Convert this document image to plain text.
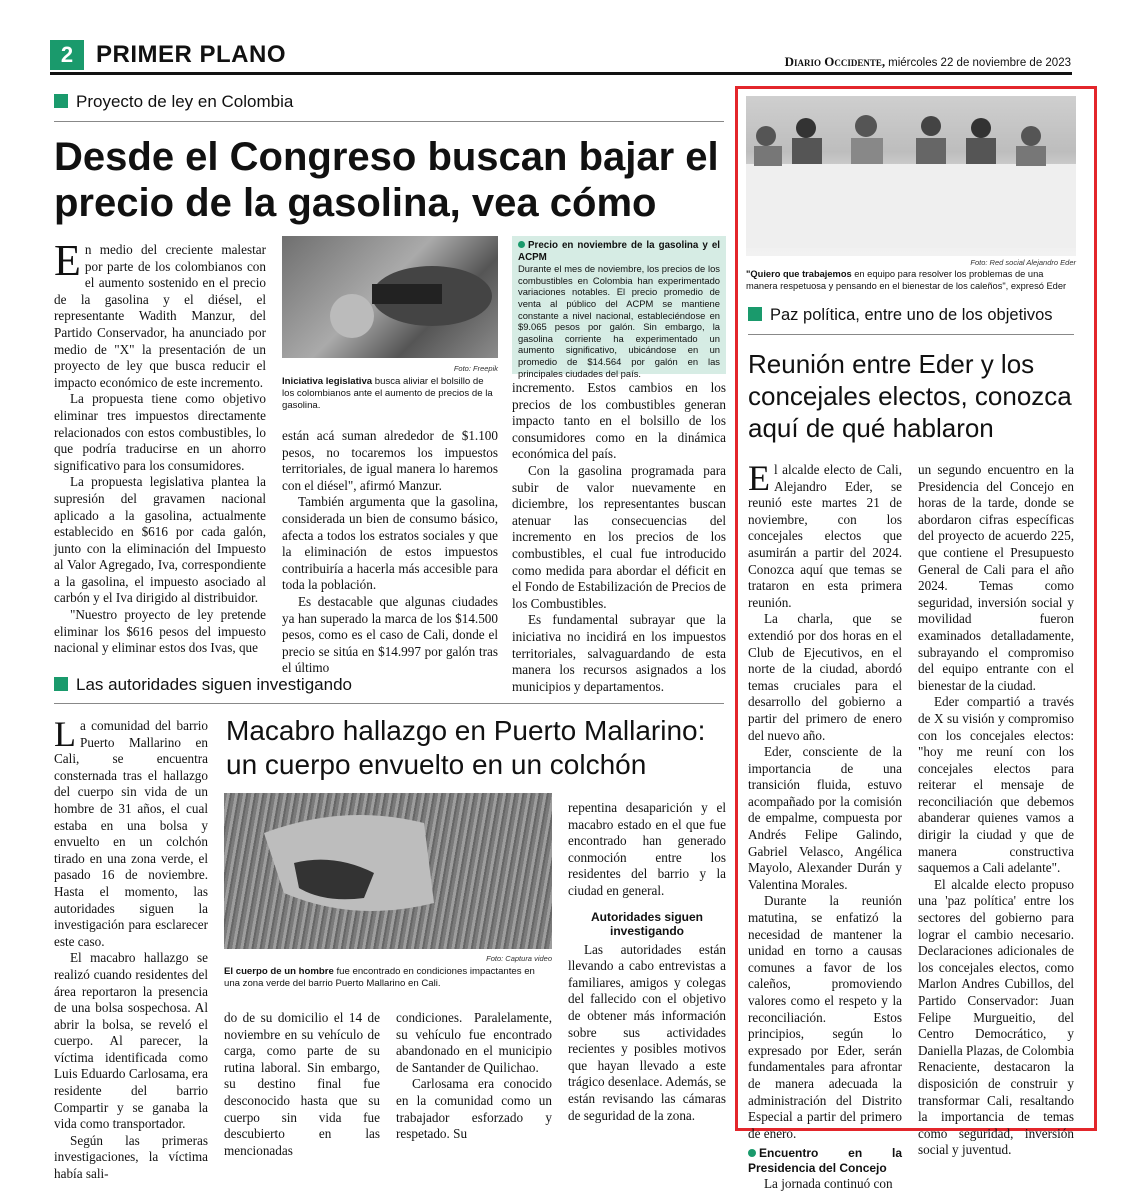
2 PRIMER PLANO	Diario Occidente, miércoles 22 de noviembre de 2023
Proyecto de ley en Colombia
Desde el Congreso buscan bajar el precio de la gasolina, vea cómo

En medio del creciente malestar por parte de los colombianos con el aumento sostenido en el precio de la gasolina y el diésel, el representante Wadith Manzur, del Partido Conservador, ha anunciado por medio de "X" la presentación de un proyecto de ley que busca reducir el impacto económico de este incremento.

La propuesta tiene como objetivo eliminar tres impuestos directamente relacionados con estos combustibles, lo que podría traducirse en un ahorro significativo para los consumidores.

La propuesta legislativa plantea la supresión del gravamen nacional aplicado a la gasolina, actualmente establecido en $616 por cada galón, junto con la eliminación del Impuesto al Valor Agregado, Iva, correspondiente a la gasolina, el impuesto asociado al carbón y el Iva dirigido al distribuidor.

"Nuestro proyecto de ley pretende eliminar los $616 pesos del impuesto nacional y eliminar estos dos Ivas, que

Foto: Freepik
Iniciativa legislativa busca aliviar el bolsillo de los colombianos ante el aumento de precios de la gasolina.

están acá suman alrededor de $1.100 pesos, no tocaremos los impuestos territoriales, de igual manera lo haremos con el diésel", afirmó Manzur.

También argumenta que la gasolina, considerada un bien de consumo básico, afecta a todos los estratos sociales y que la eliminación de estos impuestos contribuiría a hacerla más accesible para toda la población.

Es destacable que algunas ciudades ya han superado la marca de los $14.500 pesos, como es el caso de Cali, donde el precio se sitúa en $14.997 por galón tras el último

Precio en noviembre de la gasolina y el ACPM
Durante el mes de noviembre, los precios de los combustibles en Colombia han experimentado variaciones notables. El precio promedio de venta al público del ACPM se mantiene constante a nivel nacional, estableciéndose en $9.065 pesos por galón. Sin embargo, la gasolina corriente ha experimentado un aumento significativo, ubicándose en un promedio de $14.564 por galón en las principales ciudades del país.

incremento. Estos cambios en los precios de los combustibles generan impacto tanto en el bolsillo de los consumidores como en la dinámica económica del país.

Con la gasolina programada para subir de valor nuevamente en diciembre, los representantes buscan atenuar las consecuencias del incremento en los precios de los combustibles, el cual fue introducido como medida para abordar el déficit en el Fondo de Estabilización de Precios de los Combustibles.

Es fundamental subrayar que la iniciativa no incidirá en los impuestos territoriales, salvaguardando de esta manera los recursos asignados a los municipios y departamentos.

Las autoridades siguen investigando

La comunidad del barrio Puerto Mallarino en Cali, se encuentra consternada tras el hallazgo del cuerpo sin vida de un hombre de 31 años, el cual estaba en una bolsa y envuelto en un colchón tirado en una zona verde, el pasado 16 de noviembre. Hasta el momento, las autoridades siguen la investigación para esclarecer este caso.

El macabro hallazgo se realizó cuando residentes del área reportaron la presencia de una bolsa sospechosa. Al abrir la bolsa, se reveló el cuerpo. Al parecer, la víctima identificada como Luis Eduardo Carlosama, era residente del barrio Compartir y se ganaba la vida como transportador.

Según las primeras investigaciones, la víctima había sali-

Macabro hallazgo en Puerto Mallarino: un cuerpo envuelto en un colchón
Foto: Captura video
El cuerpo de un hombre fue encontrado en condiciones impactantes en una zona verde del barrio Puerto Mallarino en Cali.

do de su domicilio el 14 de noviembre en su vehículo de carga, como parte de su rutina laboral. Sin embargo, su destino final fue desconocido hasta que su cuerpo sin vida fue descubierto en las mencionadas

condiciones. Paralelamente, su vehículo fue encontrado abandonado en el municipio de Santander de Quilichao.

Carlosama era conocido en la comunidad como un trabajador esforzado y respetado. Su

repentina desaparición y el macabro estado en el que fue encontrado han generado conmoción entre los residentes del barrio y la ciudad en general.

Autoridades siguen investigando

Las autoridades están llevando a cabo entrevistas a familiares, amigos y colegas del fallecido con el objetivo de obtener más información sobre sus actividades recientes y posibles motivos que hayan llevado a este trágico desenlace. Además, se están revisando las cámaras de seguridad de la zona.

Foto: Red social Alejandro Eder
"Quiero que trabajemos en equipo para resolver los problemas de una manera respetuosa y pensando en el bienestar de los caleños", expresó Eder
Paz política, entre uno de los objetivos
Reunión entre Eder y los concejales electos, conozca aquí de qué hablaron

El alcalde electo de Cali, Alejandro Eder, se reunió este martes 21 de noviembre, con los concejales electos que asumirán a partir del 2024. Conozca aquí que temas se trataron en esta primera reunión.

La charla, que se extendió por dos horas en el Club de Ejecutivos, en el norte de la ciudad, abordó temas cruciales para el desarrollo del gobierno a partir del primero de enero del nuevo año.

Eder, consciente de la importancia de una transición fluida, estuvo acompañado por la comisión de empalme, compuesta por Andrés Felipe Galindo, Gabriel Velasco, Angélica Mayolo, Alexander Durán y Valentina Morales.

Durante la reunión matutina, se enfatizó la necesidad de mantener la unidad en torno a causas comunes a favor de los caleños, promoviendo valores como el respeto y la reconciliación. Estos principios, según lo expresado por Eder, serán fundamentales para afrontar de manera adecuada la administración del Distrito Especial a partir del primero de enero.

Encuentro en la Presidencia del Concejo

La jornada continuó con

un segundo encuentro en la Presidencia del Concejo en horas de la tarde, donde se abordaron cifras específicas del proyecto de acuerdo 225, que contiene el Presupuesto General de Cali para el año 2024. Temas como seguridad, inversión social y movilidad fueron examinados detalladamente, subrayando el compromiso del equipo entrante con el bienestar de la ciudad.

Eder compartió a través de X su visión y compromiso con los concejales electos: "hoy me reuní con los concejales electos para reiterar el mensaje de reconciliación que debemos abanderar quienes vamos a dirigir la ciudad y que de manera constructiva saquemos a Cali adelante".

El alcalde electo propuso una 'paz política' entre los sectores del gobierno para lograr el cambio necesario. Declaraciones adicionales de los concejales electos, como Marlon Andres Cubillos, del Partido Conservador: Juan Felipe Murgueitio, del Centro Democrático, y Daniella Plazas, de Colombia Renaciente, destacaron la disposición de construir y transformar Cali, resaltando la importancia de temas como seguridad, inversión social y juventud.
